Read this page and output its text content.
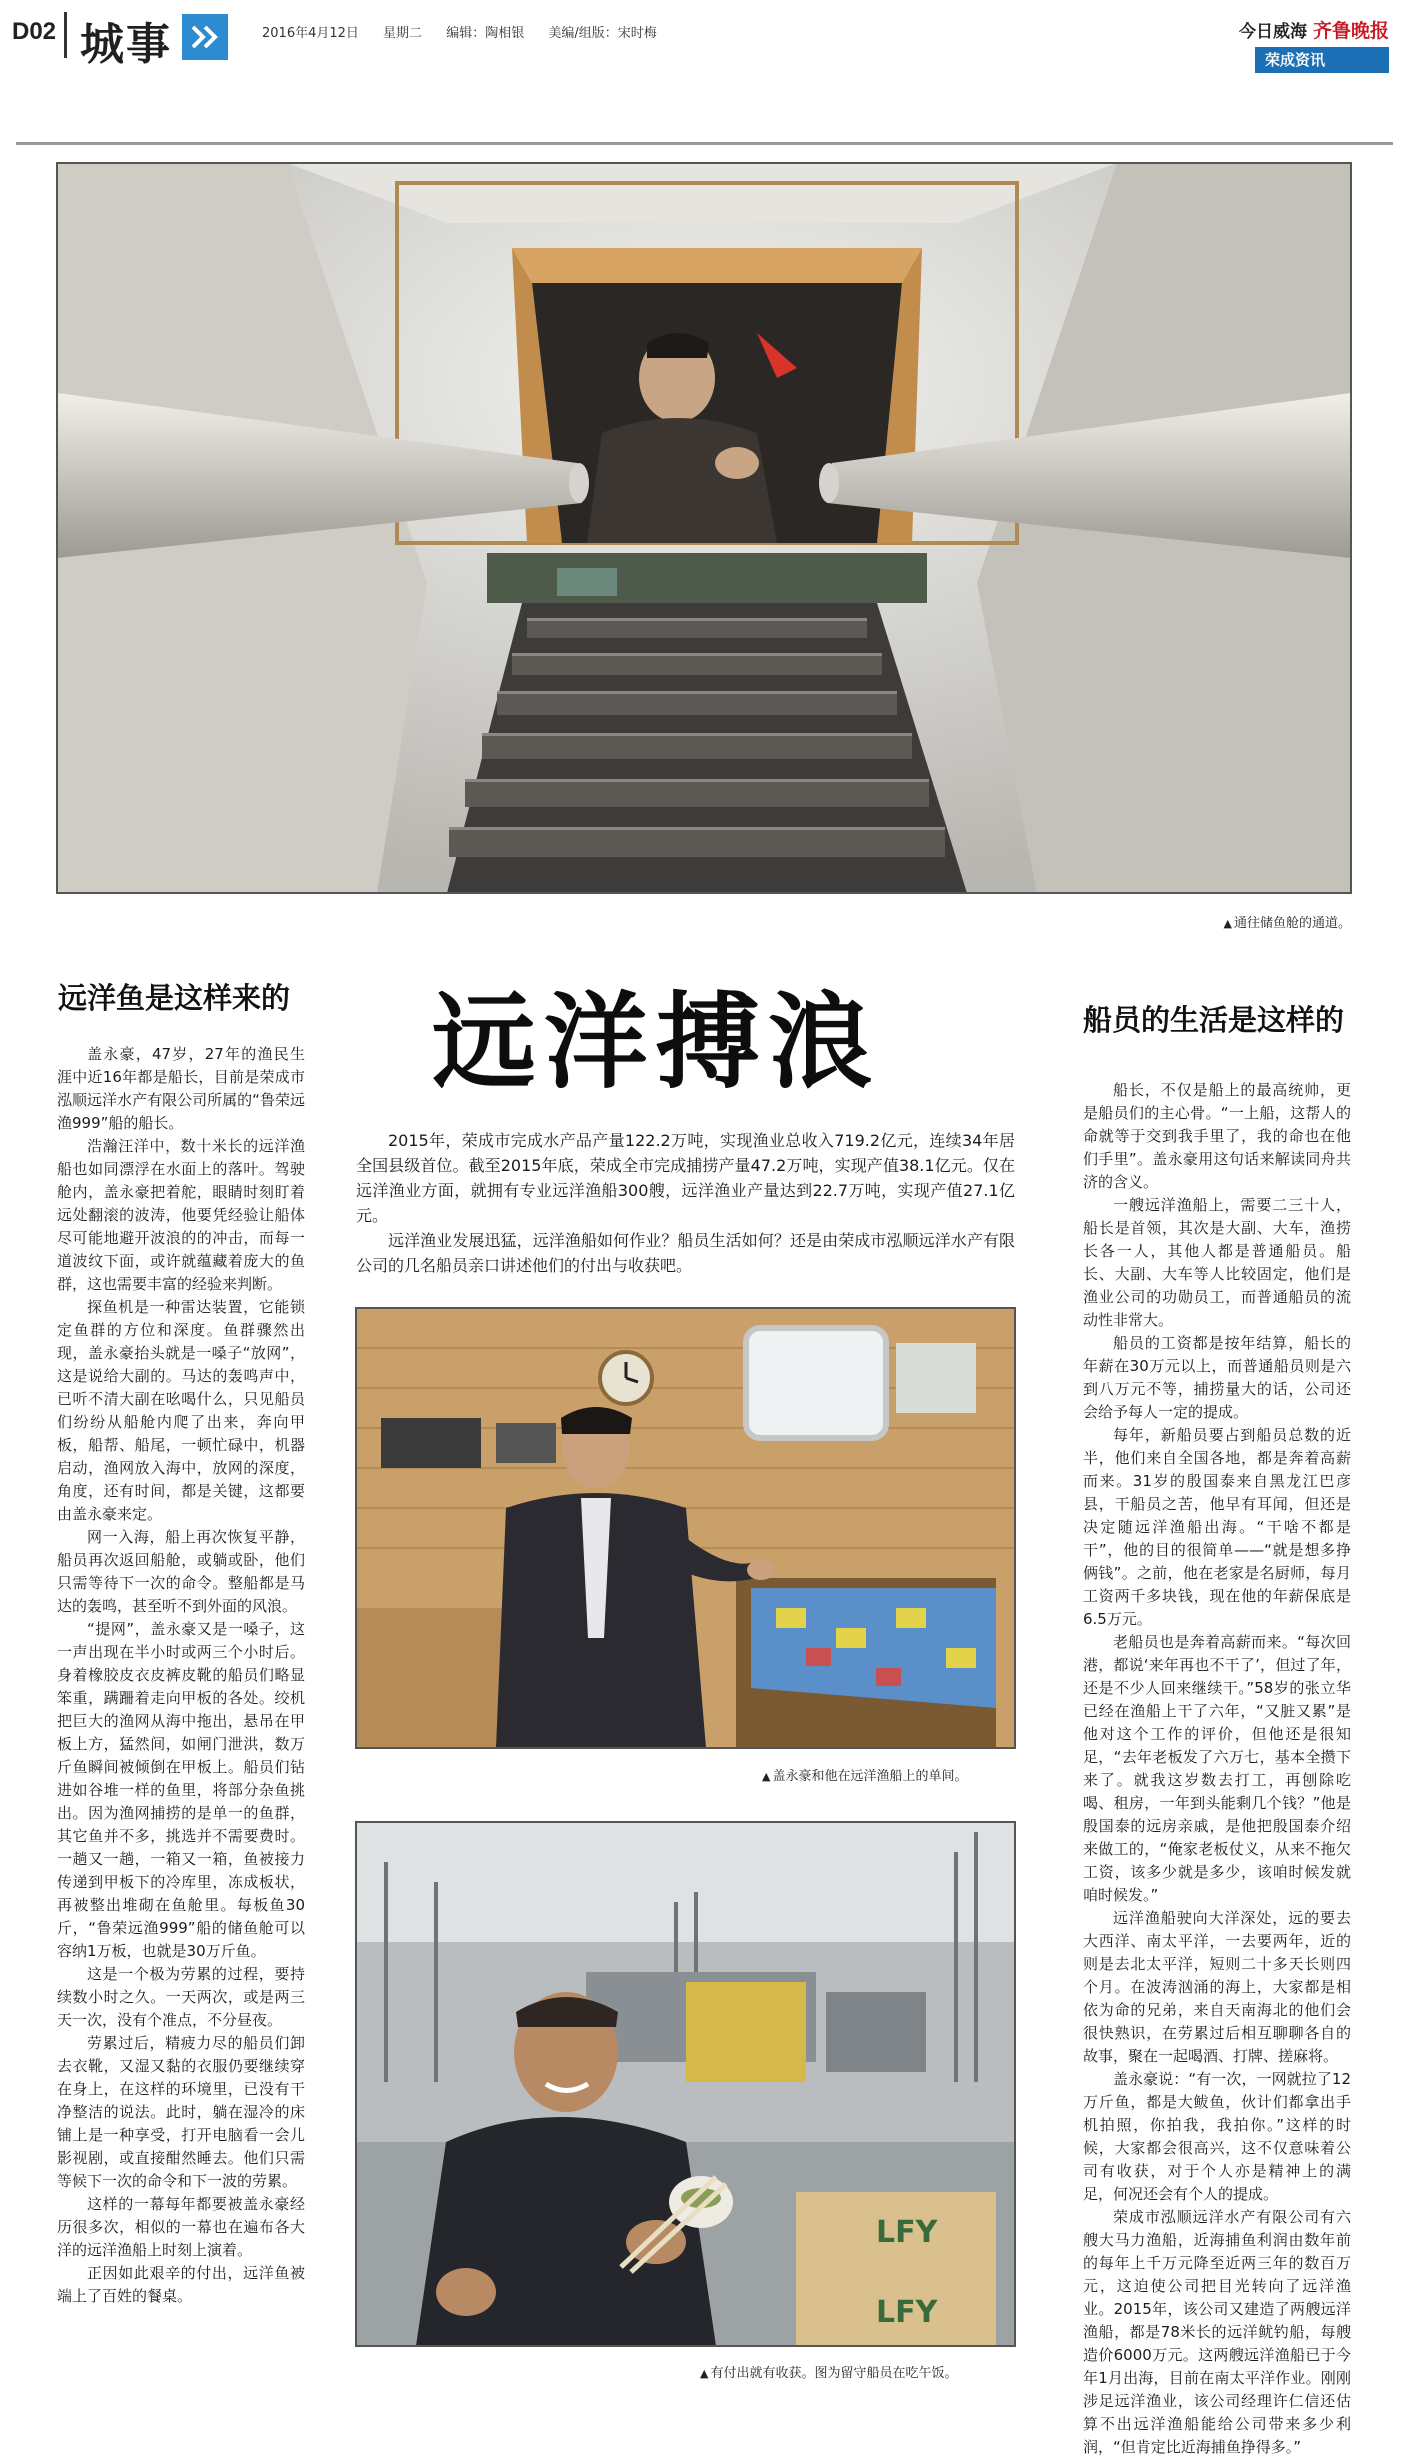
D02 城事	2016年4月12日 星期二 编辑：陶相银 美编/组版：宋时梅	今日威海 齐鲁晚报
荣成资讯
▲ 通往储鱼舱的通道。
远洋鱼是这样来的 远洋搏浪	船员的生活是这样的

2015年，荣成市完成水产品产量122.2万吨，实现渔业总收入719.2亿元，连续34年居全国县级首位。截至2015年底，荣成全市完成捕捞产量47.2万吨，实现产值38.1亿元。仅在远洋渔业方面，就拥有专业远洋渔船300艘，远洋渔业产量达到22.7万吨，实现产值27.1亿元。

远洋渔业发展迅猛，远洋渔船如何作业？船员生活如何？还是由荣成市泓顺远洋水产有限公司的几名船员亲口讲述他们的付出与收获吧。

▲ 盖永豪和他在远洋渔船上的单间。
LFY
LFY
▲ 有付出就有收获。图为留守船员在吃午饭。

盖永豪，47岁，27年的渔民生涯中近16年都是船长，目前是荣成市泓顺远洋水产有限公司所属的“鲁荣远渔999”船的船长。

浩瀚汪洋中，数十米长的远洋渔船也如同漂浮在水面上的落叶。驾驶舱内，盖永豪把着舵，眼睛时刻盯着远处翻滚的波涛，他要凭经验让船体尽可能地避开波浪的的冲击，而每一道波纹下面，或许就蕴藏着庞大的鱼群，这也需要丰富的经验来判断。

探鱼机是一种雷达装置，它能锁定鱼群的方位和深度。鱼群骤然出现，盖永豪抬头就是一嗓子“放网”，这是说给大副的。马达的轰鸣声中，已听不清大副在吆喝什么，只见船员们纷纷从船舱内爬了出来，奔向甲板，船帮、船尾，一顿忙碌中，机器启动，渔网放入海中，放网的深度，角度，还有时间，都是关键，这都要由盖永豪来定。

网一入海，船上再次恢复平静，船员再次返回船舱，或躺或卧，他们只需等待下一次的命令。整船都是马达的轰鸣，甚至听不到外面的风浪。

“提网”，盖永豪又是一嗓子，这一声出现在半小时或两三个小时后。身着橡胶皮衣皮裤皮靴的船员们略显笨重，蹒跚着走向甲板的各处。绞机把巨大的渔网从海中拖出，悬吊在甲板上方，猛然间，如闸门泄洪，数万斤鱼瞬间被倾倒在甲板上。船员们钻进如谷堆一样的鱼里，将部分杂鱼挑出。因为渔网捕捞的是单一的鱼群，其它鱼并不多，挑选并不需要费时。一趟又一趟，一箱又一箱，鱼被接力传递到甲板下的冷库里，冻成板状，再被整出堆砌在鱼舱里。每板鱼30斤，“鲁荣远渔999”船的储鱼舱可以容纳1万板，也就是30万斤鱼。

这是一个极为劳累的过程，要持续数小时之久。一天两次，或是两三天一次，没有个准点，不分昼夜。

劳累过后，精疲力尽的船员们卸去衣靴，又湿又黏的衣服仍要继续穿在身上，在这样的环境里，已没有干净整洁的说法。此时，躺在湿冷的床铺上是一种享受，打开电脑看一会儿影视剧，或直接酣然睡去。他们只需等候下一次的命令和下一波的劳累。

这样的一幕每年都要被盖永豪经历很多次，相似的一幕也在遍布各大洋的远洋渔船上时刻上演着。

正因如此艰辛的付出，远洋鱼被端上了百姓的餐桌。

船长，不仅是船上的最高统帅，更是船员们的主心骨。“一上船，这帮人的命就等于交到我手里了，我的命也在他们手里”。盖永豪用这句话来解读同舟共济的含义。

一艘远洋渔船上，需要二三十人，船长是首领，其次是大副、大车，渔捞长各一人，其他人都是普通船员。船长、大副、大车等人比较固定，他们是渔业公司的功勋员工，而普通船员的流动性非常大。

船员的工资都是按年结算，船长的年薪在30万元以上，而普通船员则是六到八万元不等，捕捞量大的话，公司还会给予每人一定的提成。

每年，新船员要占到船员总数的近半，他们来自全国各地，都是奔着高薪而来。31岁的殷国泰来自黑龙江巴彦县，干船员之苦，他早有耳闻，但还是决定随远洋渔船出海。“干啥不都是干”，他的目的很简单——“就是想多挣俩钱”。之前，他在老家是名厨师，每月工资两千多块钱，现在他的年薪保底是6.5万元。

老船员也是奔着高薪而来。“每次回港，都说‘来年再也不干了’，但过了年，还是不少人回来继续干。”58岁的张立华已经在渔船上干了六年，“又脏又累”是他对这个工作的评价，但他还是很知足，“去年老板发了六万七，基本全攒下来了。就我这岁数去打工，再刨除吃喝、租房，一年到头能剩几个钱？”他是殷国泰的远房亲戚，是他把殷国泰介绍来做工的，“俺家老板仗义，从来不拖欠工资，该多少就是多少，该咱时候发就咱时候发。”

远洋渔船驶向大洋深处，远的要去大西洋、南太平洋，一去要两年，近的则是去北太平洋，短则二十多天长则四个月。在波涛汹涌的海上，大家都是相依为命的兄弟，来自天南海北的他们会很快熟识，在劳累过后相互聊聊各自的故事，聚在一起喝酒、打牌、搓麻将。

盖永豪说：“有一次，一网就拉了12万斤鱼，都是大鲅鱼，伙计们都拿出手机拍照，你拍我，我拍你。”这样的时候，大家都会很高兴，这不仅意味着公司有收获，对于个人亦是精神上的满足，何况还会有个人的提成。

荣成市泓顺远洋水产有限公司有六艘大马力渔船，近海捕鱼利润由数年前的每年上千万元降至近两三年的数百万元，这迫使公司把目光转向了远洋渔业。2015年，该公司又建造了两艘远洋渔船，都是78米长的远洋鱿钓船，每艘造价6000万元。这两艘远洋渔船已于今年1月出海，目前在南太平洋作业。刚刚涉足远洋渔业，该公司经理许仁信还估算不出远洋渔船能给公司带来多少利润，“但肯定比近海捕鱼挣得多。”
